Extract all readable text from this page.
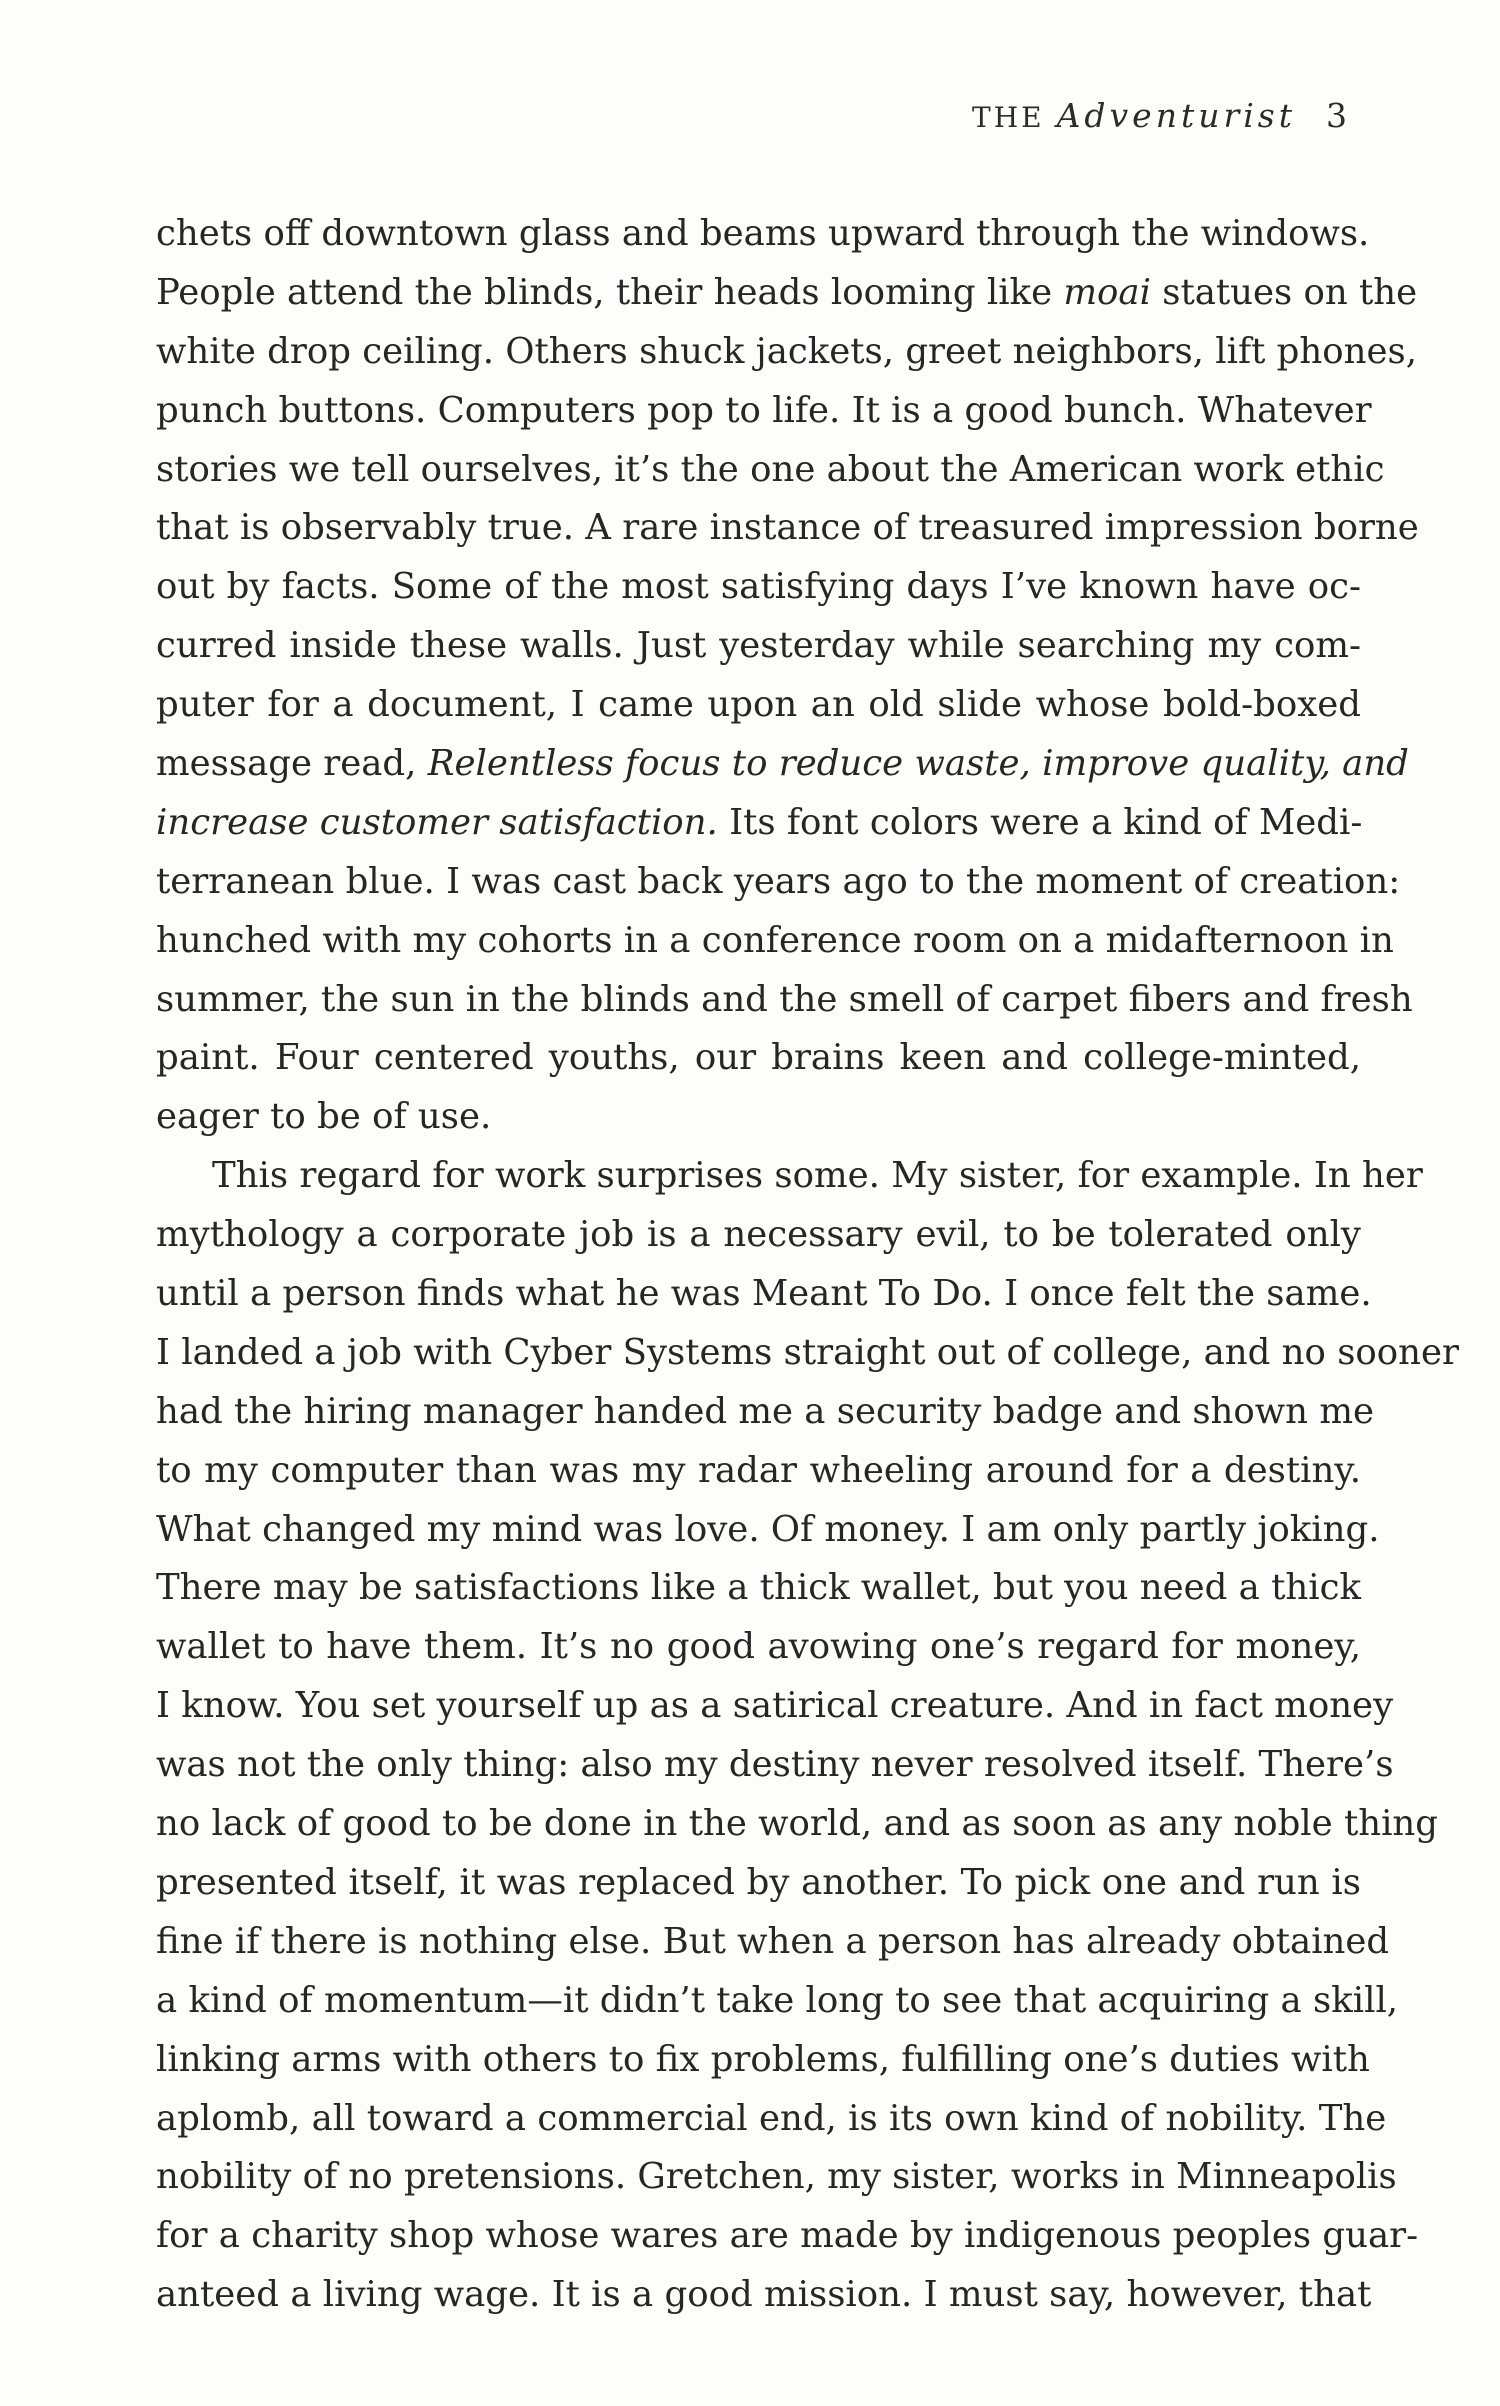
THE Adventurist 3
chets off downtown glass and beams upward through the windows.
People attend the blinds, their heads looming like moai statues on the
white drop ceiling. Others shuck jackets, greet neighbors, lift phones,
punch buttons. Computers pop to life. It is a good bunch. Whatever
stories we tell ourselves, it’s the one about the American work ethic
that is observably true. A rare instance of treasured impression borne
out by facts. Some of the most satisfying days I’ve known have oc-
curred inside these walls. Just yesterday while searching my com-
puter for a document, I came upon an old slide whose bold-boxed
message read, Relentless focus to reduce waste, improve quality, and
increase customer satisfaction. Its font colors were a kind of Medi-
terranean blue. I was cast back years ago to the moment of creation:
hunched with my cohorts in a conference room on a midafternoon in
summer, the sun in the blinds and the smell of carpet fibers and fresh
paint. Four centered youths, our brains keen and college-minted,
eager to be of use.
This regard for work surprises some. My sister, for example. In her
mythology a corporate job is a necessary evil, to be tolerated only
until a person finds what he was Meant To Do. I once felt the same.
I landed a job with Cyber Systems straight out of college, and no sooner
had the hiring manager handed me a security badge and shown me
to my computer than was my radar wheeling around for a destiny.
What changed my mind was love. Of money. I am only partly joking.
There may be satisfactions like a thick wallet, but you need a thick
wallet to have them. It’s no good avowing one’s regard for money,
I know. You set yourself up as a satirical creature. And in fact money
was not the only thing: also my destiny never resolved itself. There’s
no lack of good to be done in the world, and as soon as any noble thing
presented itself, it was replaced by another. To pick one and run is
fine if there is nothing else. But when a person has already obtained
a kind of momentum—it didn’t take long to see that acquiring a skill,
linking arms with others to fix problems, fulfilling one’s duties with
aplomb, all toward a commercial end, is its own kind of nobility. The
nobility of no pretensions. Gretchen, my sister, works in Minneapolis
for a charity shop whose wares are made by indigenous peoples guar-
anteed a living wage. It is a good mission. I must say, however, that
